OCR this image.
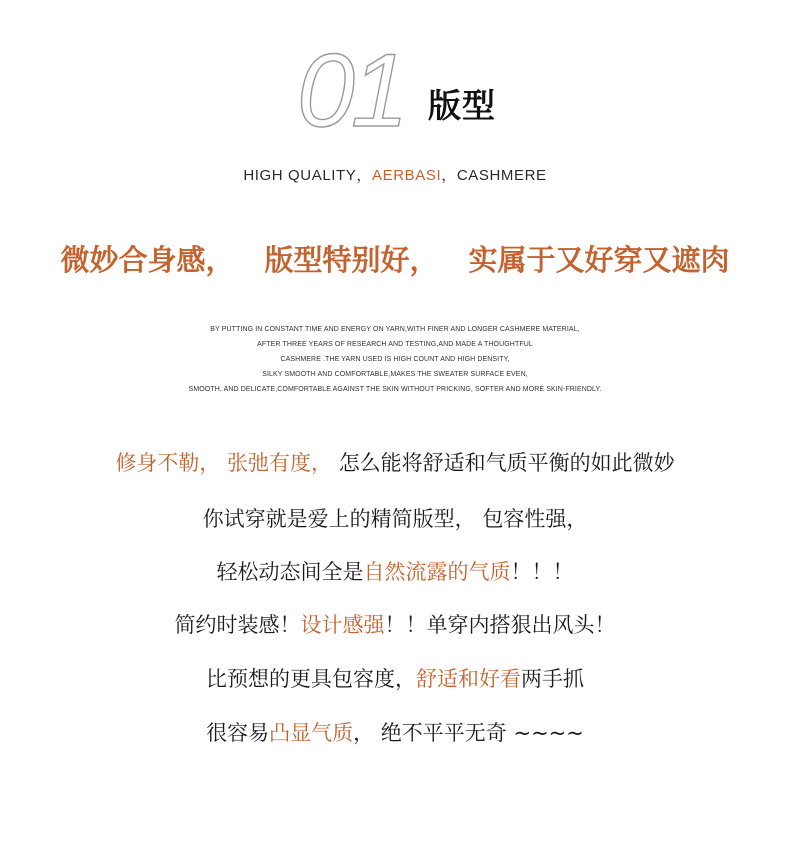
01 版型
HIGH QUALITY，AERBASI，CASHMERE
微妙合身感， 版型特别好， 实属于又好穿又遮肉
BY PUTTING IN CONSTANT TIME AND ENERGY ON YARN,WITH FINER AND LONGER CASHMERE MATERIAL,
AFTER THREE YEARS OF RESEARCH AND TESTING,AND MADE A THOUGHTFUL
CASHMERE .THE YARN USED IS HIGH COUNT AND HIGH DENSITY,
SILKY SMOOTH AND COMFORTABLE,MAKES THE SWEATER SURFACE EVEN,
SMOOTH, AND DELICATE,COMFORTABLE AGAINST THE SKIN WITHOUT PRICKING, SOFTER AND MORE SKIN-FRIENDLY.
修身不勒， 张弛有度， 怎么能将舒适和气质平衡的如此微妙
你试穿就是爱上的精简版型， 包容性强，
轻松动态间全是自然流露的气质！！！
简约时装感！设计感强！！单穿内搭狠出风头！
比预想的更具包容度，舒适和好看两手抓
很容易凸显气质， 绝不平平无奇 ~~~~
